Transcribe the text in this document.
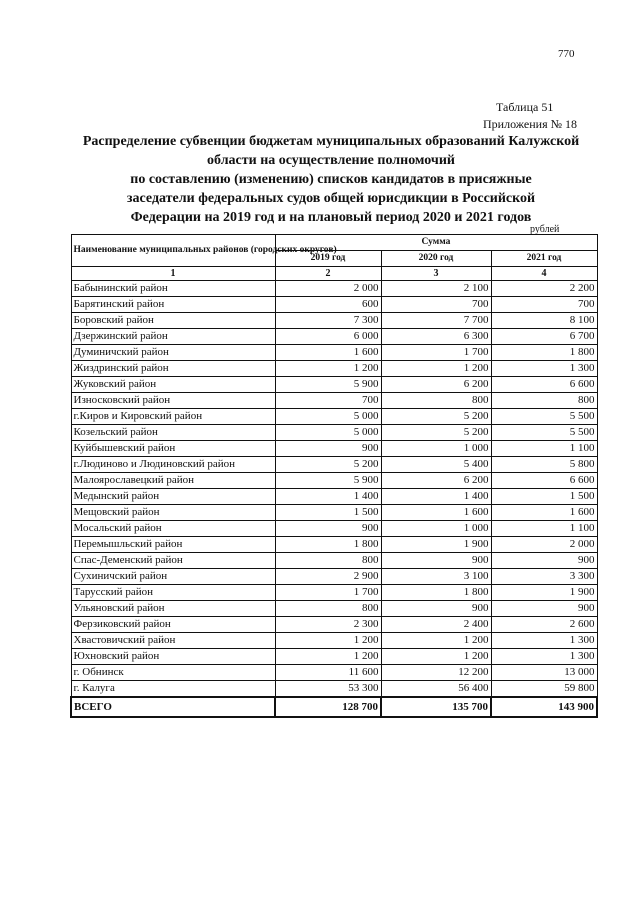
770
Таблица 51
Приложения № 18
Распределение субвенции бюджетам муниципальных образований Калужской
области на осуществление полномочий
по составлению (изменению) списков кандидатов в присяжные
заседатели федеральных судов общей юрисдикции в Российской
Федерации на 2019 год и на плановый период 2020 и 2021 годов
рублей
Наименование муниципальных районов (городских округов)	Сумма		
	2019 год	2020 год	2021 год
1	2	3	4
Бабынинский район	2 000	2 100	2 200
Барятинский район	600	700	700
Боровский район	7 300	7 700	8 100
Дзержинский район	6 000	6 300	6 700
Думиничский район	1 600	1 700	1 800
Жиздринский район	1 200	1 200	1 300
Жуковский район	5 900	6 200	6 600
Износковский район	700	800	800
г.Киров и Кировский район	5 000	5 200	5 500
Козельский район	5 000	5 200	5 500
Куйбышевский район	900	1 000	1 100
г.Людиново и Людиновский район	5 200	5 400	5 800
Малоярославецкий район	5 900	6 200	6 600
Медынский район	1 400	1 400	1 500
Мещовский район	1 500	1 600	1 600
Мосальский район	900	1 000	1 100
Перемышльский район	1 800	1 900	2 000
Спас-Деменский район	800	900	900
Сухиничский район	2 900	3 100	3 300
Тарусский район	1 700	1 800	1 900
Ульяновский район	800	900	900
Ферзиковский район	2 300	2 400	2 600
Хвастовичский район	1 200	1 200	1 300
Юхновский район	1 200	1 200	1 300
г. Обнинск	11 600	12 200	13 000
г. Калуга	53 300	56 400	59 800
ВСЕГО	128 700	135 700	143 900
